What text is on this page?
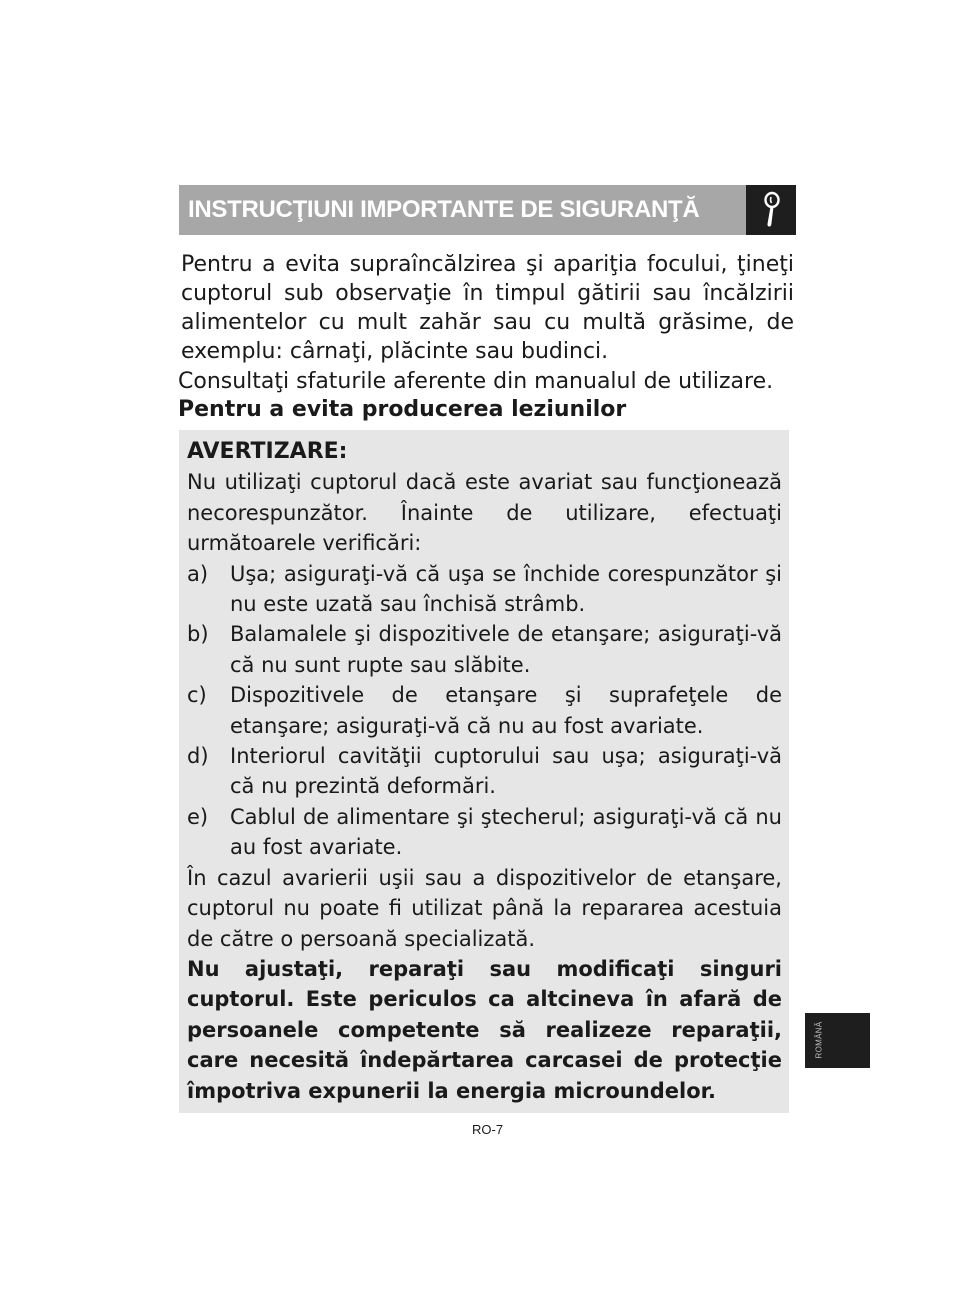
INSTRUCŢIUNI IMPORTANTE DE SIGURANŢĂ

Pentru a evita supraîncălzirea şi apariţia focului, ţineţi cuptorul sub observaţie în timpul gătirii sau încălzirii alimentelor cu mult zahăr sau cu multă grăsime, de exemplu: cârnaţi, plăcinte sau budinci.

Consultaţi sfaturile aferente din manualul de utilizare.

Pentru a evita producerea leziunilor

AVERTIZARE:

Nu utilizaţi cuptorul dacă este avariat sau funcţionează necorespunzător. Înainte de utilizare, efectuaţi următoarele verificări:

a) Uşa; asiguraţi-vă că uşa se închide corespunzător şi nu este uzată sau închisă strâmb.
b) Balamalele şi dispozitivele de etanşare; asiguraţi-vă că nu sunt rupte sau slăbite.
c) Dispozitivele de etanşare şi suprafeţele de etanşare; asiguraţi-vă că nu au fost avariate.
d) Interiorul cavităţii cuptorului sau uşa; asiguraţi-vă că nu prezintă deformări.
e) Cablul de alimentare şi ştecherul; asiguraţi-vă că nu au fost avariate.

În cazul avarierii uşii sau a dispozitivelor de etanşare, cuptorul nu poate fi utilizat până la repararea acestuia de către o persoană specializată.

Nu ajustaţi, reparaţi sau modificaţi singuri cuptorul. Este periculos ca altcineva în afară de persoanele competente să realizeze reparaţii, care necesită îndepărtarea carcasei de protecţie împotriva expunerii la energia microundelor.

ROMÂNĂ
RO-7
